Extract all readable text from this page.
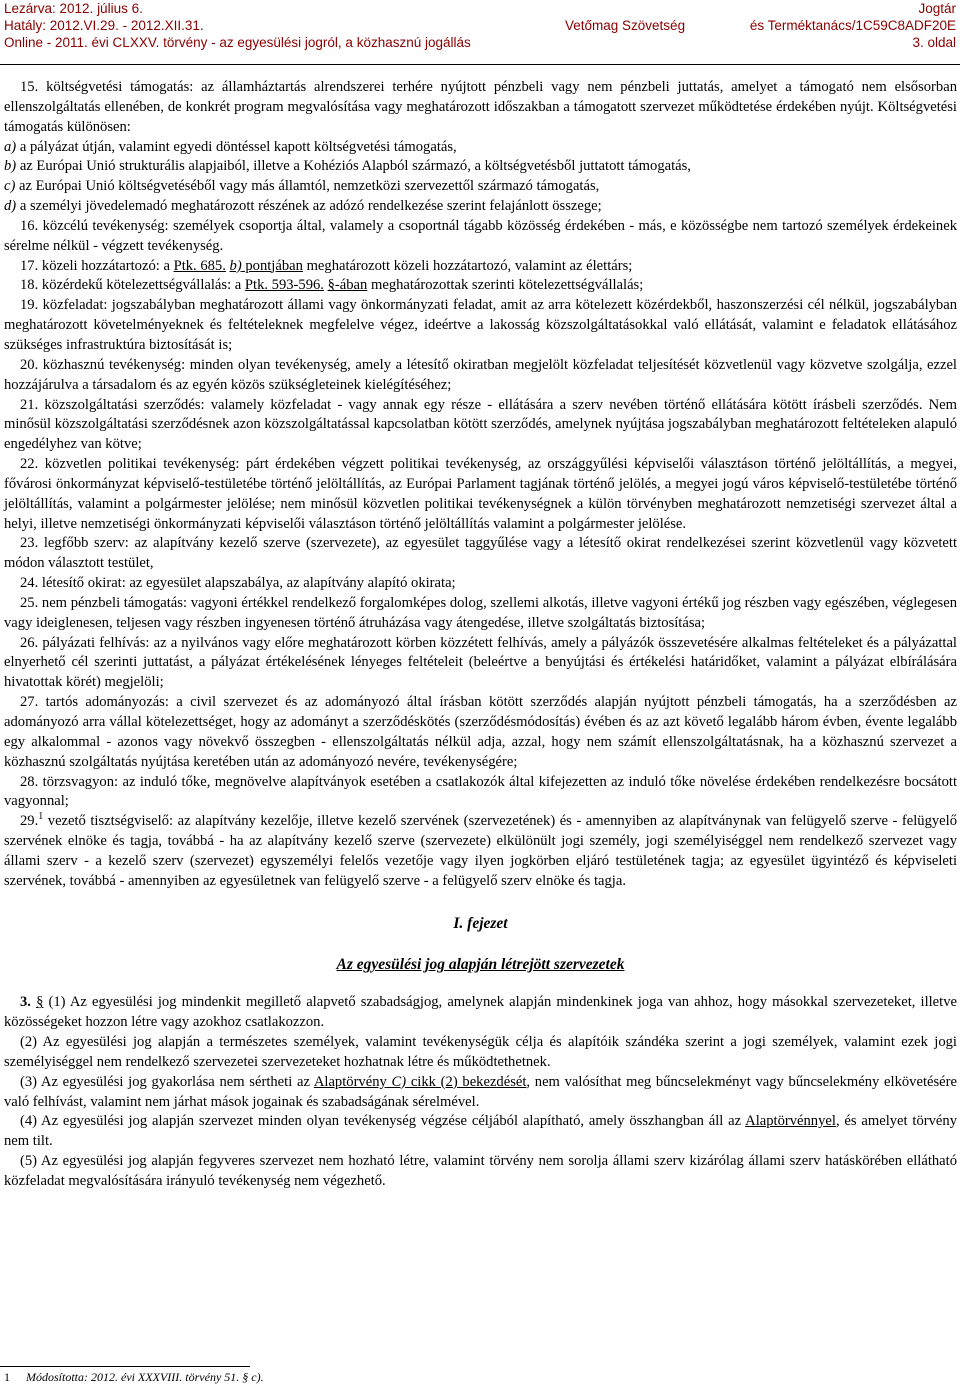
Lezárva: 2012. július 6.
Hatály: 2012.VI.29. - 2012.XII.31.
Online - 2011. évi CLXXV. törvény - az egyesülési jogról, a közhasznú jogállás
Vetőmag Szövetség
Jogtár
és Terméktanács/1C59C8ADF20E
3. oldal

15. költségvetési támogatás: az államháztartás alrendszerei terhére nyújtott pénzbeli vagy nem pénzbeli juttatás, amelyet a támogató nem elsősorban ellenszolgáltatás ellenében, de konkrét program megvalósítása vagy meghatározott időszakban a támogatott szervezet működtetése érdekében nyújt. Költségvetési támogatás különösen:

a) a pályázat útján, valamint egyedi döntéssel kapott költségvetési támogatás,

b) az Európai Unió strukturális alapjaiból, illetve a Kohéziós Alapból származó, a költségvetésből juttatott támogatás,

c) az Európai Unió költségvetéséből vagy más államtól, nemzetközi szervezettől származó támogatás,

d) a személyi jövedelemadó meghatározott részének az adózó rendelkezése szerint felajánlott összege;

16. közcélú tevékenység: személyek csoportja által, valamely a csoportnál tágabb közösség érdekében - más, e közösségbe nem tartozó személyek érdekeinek sérelme nélkül - végzett tevékenység.

17. közeli hozzátartozó: a Ptk. 685. b) pontjában meghatározott közeli hozzátartozó, valamint az élettárs;

18. közérdekű kötelezettségvállalás: a Ptk. 593-596. §-ában meghatározottak szerinti kötelezettségvállalás;

19. közfeladat: jogszabályban meghatározott állami vagy önkormányzati feladat, amit az arra kötelezett közérdekből, haszonszerzési cél nélkül, jogszabályban meghatározott követelményeknek és feltételeknek megfelelve végez, ideértve a lakosság közszolgáltatásokkal való ellátását, valamint e feladatok ellátásához szükséges infrastruktúra biztosítását is;

20. közhasznú tevékenység: minden olyan tevékenység, amely a létesítő okiratban megjelölt közfeladat teljesítését közvetlenül vagy közvetve szolgálja, ezzel hozzájárulva a társadalom és az egyén közös szükségleteinek kielégítéséhez;

21. közszolgáltatási szerződés: valamely közfeladat - vagy annak egy része - ellátására a szerv nevében történő ellátására kötött írásbeli szerződés. Nem minősül közszolgáltatási szerződésnek azon közszolgáltatással kapcsolatban kötött szerződés, amelynek nyújtása jogszabályban meghatározott feltételeken alapuló engedélyhez van kötve;

22. közvetlen politikai tevékenység: párt érdekében végzett politikai tevékenység, az országgyűlési képviselői választáson történő jelöltállítás, a megyei, fővárosi önkormányzat képviselő-testületébe történő jelöltállítás, az Európai Parlament tagjának történő jelölés, a megyei jogú város képviselő-testületébe történő jelöltállítás, valamint a polgármester jelölése; nem minősül közvetlen politikai tevékenységnek a külön törvényben meghatározott nemzetiségi szervezet által a helyi, illetve nemzetiségi önkormányzati képviselői választáson történő jelöltállítás valamint a polgármester jelölése.

23. legfőbb szerv: az alapítvány kezelő szerve (szervezete), az egyesület taggyűlése vagy a létesítő okirat rendelkezései szerint közvetlenül vagy közvetett módon választott testület,

24. létesítő okirat: az egyesület alapszabálya, az alapítvány alapító okirata;

25. nem pénzbeli támogatás: vagyoni értékkel rendelkező forgalomképes dolog, szellemi alkotás, illetve vagyoni értékű jog részben vagy egészében, véglegesen vagy ideiglenesen, teljesen vagy részben ingyenesen történő átruházása vagy átengedése, illetve szolgáltatás biztosítása;

26. pályázati felhívás: az a nyilvános vagy előre meghatározott körben közzétett felhívás, amely a pályázók összevetésére alkalmas feltételeket és a pályázattal elnyerhető cél szerinti juttatást, a pályázat értékelésének lényeges feltételeit (beleértve a benyújtási és értékelési határidőket, valamint a pályázat elbírálására hivatottak körét) megjelöli;

27. tartós adományozás: a civil szervezet és az adományozó által írásban kötött szerződés alapján nyújtott pénzbeli támogatás, ha a szerződésben az adományozó arra vállal kötelezettséget, hogy az adományt a szerződéskötés (szerződésmódosítás) évében és az azt követő legalább három évben, évente legalább egy alkalommal - azonos vagy növekvő összegben - ellenszolgáltatás nélkül adja, azzal, hogy nem számít ellenszolgáltatásnak, ha a közhasznú szervezet a közhasznú szolgáltatás nyújtása keretében után az adományozó nevére, tevékenységére;

28. törzsvagyon: az induló tőke, megnövelve alapítványok esetében a csatlakozók által kifejezetten az induló tőke növelése érdekében rendelkezésre bocsátott vagyonnal;

29.$^1$ vezető tisztségviselő: az alapítvány kezelője, illetve kezelő szervének (szervezetének) és - amennyiben az alapítványnak van felügyelő szerve - felügyelő szervének elnöke és tagja, továbbá - ha az alapítvány kezelő szerve (szervezete) elkülönült jogi személy, jogi személyiséggel nem rendelkező szervezet vagy állami szerv - a kezelő szerv (szervezet) egyszemélyi felelős vezetője vagy ilyen jogkörben eljáró testületének tagja; az egyesület ügyintéző és képviseleti szervének, továbbá - amennyiben az egyesületnek van felügyelő szerve - a felügyelő szerv elnöke és tagja.

I. fejezet

Az egyesülési jog alapján létrejött szervezetek

3. § (1) Az egyesülési jog mindenkit megillető alapvető szabadságjog, amelynek alapján mindenkinek joga van ahhoz, hogy másokkal szervezeteket, illetve közösségeket hozzon létre vagy azokhoz csatlakozzon.

(2) Az egyesülési jog alapján a természetes személyek, valamint tevékenységük célja és alapítóik szándéka szerint a jogi személyek, valamint ezek jogi személyiséggel nem rendelkező szervezetei szervezeteket hozhatnak létre és működtethetnek.

(3) Az egyesülési jog gyakorlása nem sértheti az Alaptörvény C) cikk (2) bekezdését, nem valósíthat meg bűncselekményt vagy bűncselekmény elkövetésére való felhívást, valamint nem járhat mások jogainak és szabadságának sérelmével.

(4) Az egyesülési jog alapján szervezet minden olyan tevékenység végzése céljából alapítható, amely összhangban áll az Alaptörvénnyel, és amelyet törvény nem tilt.

(5) Az egyesülési jog alapján fegyveres szervezet nem hozható létre, valamint törvény nem sorolja állami szerv kizárólag állami szerv hatáskörében ellátható közfeladat megvalósítására irányuló tevékenység nem végezhető.

1 Módosította: 2012. évi XXXVIII. törvény 51. § c).
